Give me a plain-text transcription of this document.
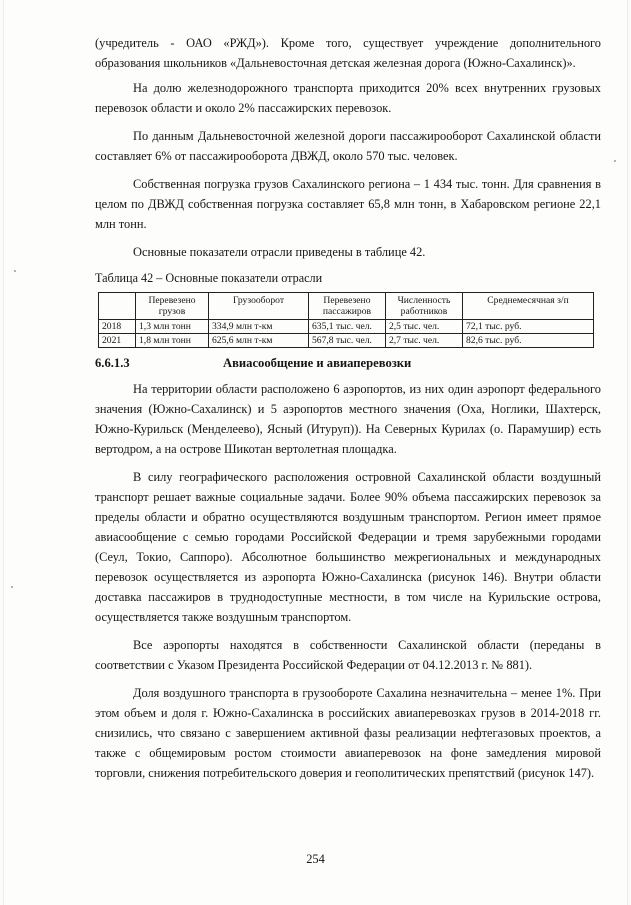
(учредитель - ОАО «РЖД»). Кроме того, существует учреждение дополнительного образования школьников «Дальневосточная детская железная дорога (Южно-Сахалинск)».

На долю железнодорожного транспорта приходится 20% всех внутренних грузовых перевозок области и около 2% пассажирских перевозок.

По данным Дальневосточной железной дороги пассажирооборот Сахалинской области составляет 6% от пассажирооборота ДВЖД, около 570 тыс. человек.

Собственная погрузка грузов Сахалинского региона – 1 434 тыс. тонн. Для сравнения в целом по ДВЖД собственная погрузка составляет 65,8 млн тонн, в Хабаровском регионе 22,1 млн тонн.

Основные показатели отрасли приведены в таблице 42.

Таблица 42 – Основные показатели отрасли
	Перевезено грузов	Грузооборот	Перевезено пассажиров	Численность работников	Среднемесячная з/п
2018	1,3 млн тонн	334,9 млн т-км	635,1 тыс. чел.	2,5 тыс. чел.	72,1 тыс. руб.
2021	1,8 млн тонн	625,6 млн т-км	567,8 тыс. чел.	2,7 тыс. чел.	82,6 тыс. руб.
6.6.1.3	Авиасообщение и авиаперевозки

На территории области расположено 6 аэропортов, из них один аэропорт федерального значения (Южно-Сахалинск) и 5 аэропортов местного значения (Оха, Ноглики, Шахтерск, Южно-Курильск (Менделеево), Ясный (Итуруп)). На Северных Курилах (о. Парамушир) есть вертодром, а на острове Шикотан вертолетная площадка.

В силу географического расположения островной Сахалинской области воздушный транспорт решает важные социальные задачи. Более 90% объема пассажирских перевозок за пределы области и обратно осуществляются воздушным транспортом. Регион имеет прямое авиасообщение с семью городами Российской Федерации и тремя зарубежными городами (Сеул, Токио, Саппоро). Абсолютное большинство межрегиональных и международных перевозок осуществляется из аэропорта Южно-Сахалинска (рисунок 146). Внутри области доставка пассажиров в труднодоступные местности, в том числе на Курильские острова, осуществляется также воздушным транспортом.

Все аэропорты находятся в собственности Сахалинской области (переданы в соответствии с Указом Президента Российской Федерации от 04.12.2013 г. № 881).

Доля воздушного транспорта в грузообороте Сахалина незначительна – менее 1%. При этом объем и доля г. Южно-Сахалинска в российских авиаперевозках грузов в 2014-2018 гг. снизились, что связано с завершением активной фазы реализации нефтегазовых проектов, а также с общемировым ростом стоимости авиаперевозок на фоне замедления мировой торговли, снижения потребительского доверия и геополитических препятствий (рисунок 147).

254
